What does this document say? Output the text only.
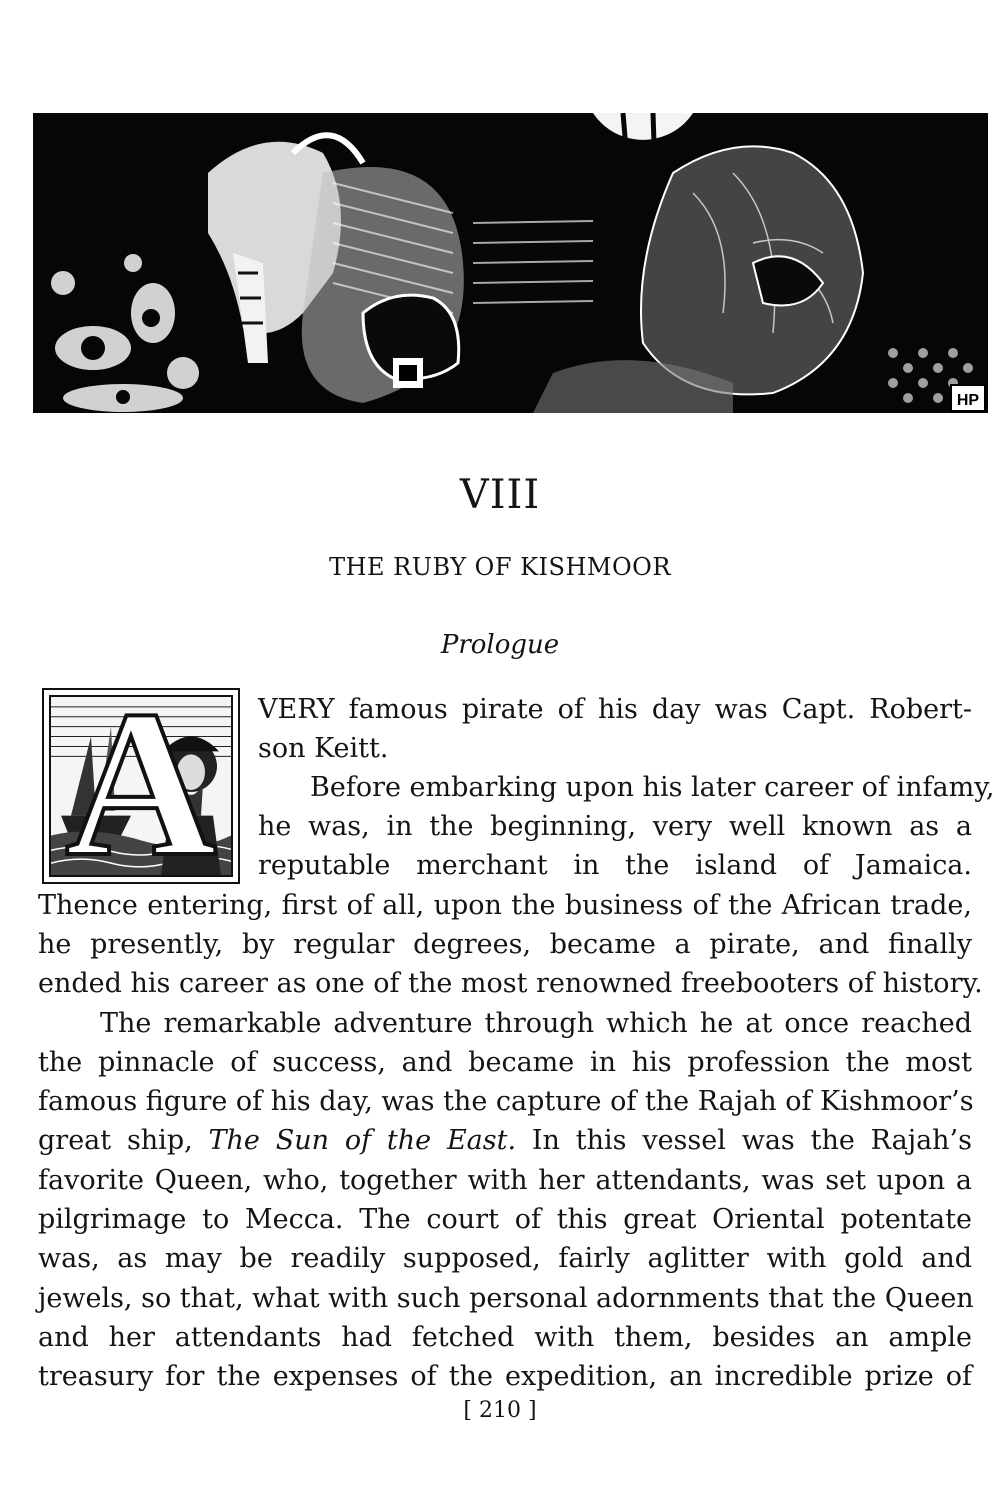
HP
VIII
THE RUBY OF KISHMOOR
Prologue
A	VERY famous pirate of his day was Capt. Robert-
son Keitt.
Before embarking upon his later career of infamy,
he was, in the beginning, very well known as a
reputable merchant in the island of Jamaica.
Thence entering, first of all, upon the business of the African trade,
he presently, by regular degrees, became a pirate, and finally
ended his career as one of the most renowned freebooters of history.
The remarkable adventure through which he at once reached
the pinnacle of success, and became in his profession the most
famous figure of his day, was the capture of the Rajah of Kishmoor’s
great ship, The Sun of the East. In this vessel was the Rajah’s
favorite Queen, who, together with her attendants, was set upon a
pilgrimage to Mecca. The court of this great Oriental potentate
was, as may be readily supposed, fairly aglitter with gold and
jewels, so that, what with such personal adornments that the Queen
and her attendants had fetched with them, besides an ample
treasury for the expenses of the expedition, an incredible prize of
[ 210 ]
